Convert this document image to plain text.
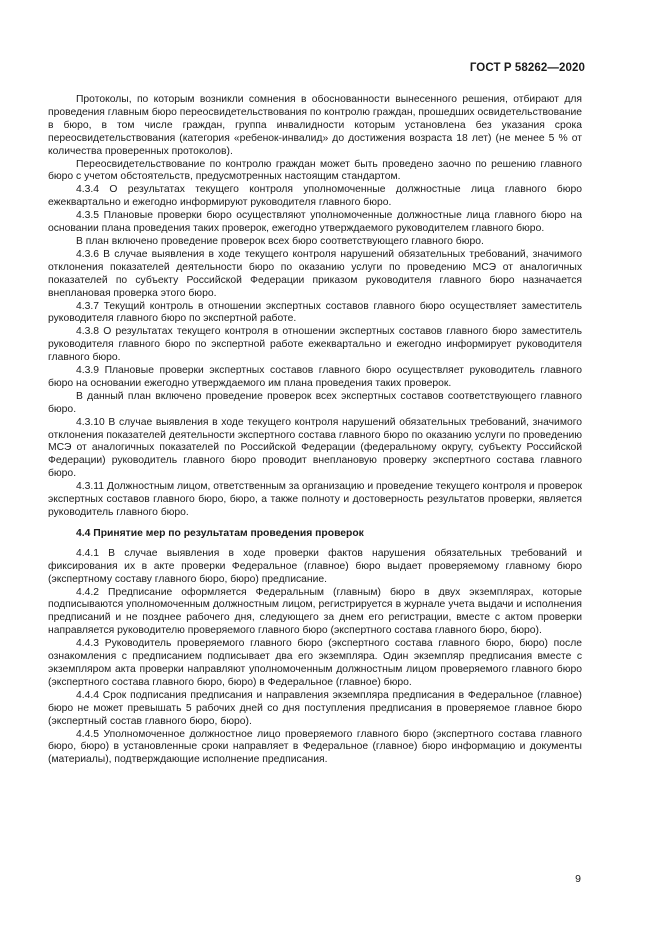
ГОСТ Р 58262—2020

Протоколы, по которым возникли сомнения в обоснованности вынесенного решения, отбирают для проведения главным бюро переосвидетельствования по контролю граждан, прошедших освидетельствование в бюро, в том числе граждан, группа инвалидности которым установлена без указания срока переосвидетельствования (категория «ребенок-инвалид» до достижения возраста 18 лет) (не менее 5 % от количества проверенных протоколов).

Переосвидетельствование по контролю граждан может быть проведено заочно по решению главного бюро с учетом обстоятельств, предусмотренных настоящим стандартом.

4.3.4 О результатах текущего контроля уполномоченные должностные лица главного бюро ежеквартально и ежегодно информируют руководителя главного бюро.

4.3.5 Плановые проверки бюро осуществляют уполномоченные должностные лица главного бюро на основании плана проведения таких проверок, ежегодно утверждаемого руководителем главного бюро.

В план включено проведение проверок всех бюро соответствующего главного бюро.

4.3.6 В случае выявления в ходе текущего контроля нарушений обязательных требований, значимого отклонения показателей деятельности бюро по оказанию услуги по проведению МСЭ от аналогичных показателей по субъекту Российской Федерации приказом руководителя главного бюро назначается внеплановая проверка этого бюро.

4.3.7 Текущий контроль в отношении экспертных составов главного бюро осуществляет заместитель руководителя главного бюро по экспертной работе.

4.3.8 О результатах текущего контроля в отношении экспертных составов главного бюро заместитель руководителя главного бюро по экспертной работе ежеквартально и ежегодно информирует руководителя главного бюро.

4.3.9 Плановые проверки экспертных составов главного бюро осуществляет руководитель главного бюро на основании ежегодно утверждаемого им плана проведения таких проверок.

В данный план включено проведение проверок всех экспертных составов соответствующего главного бюро.

4.3.10 В случае выявления в ходе текущего контроля нарушений обязательных требований, значимого отклонения показателей деятельности экспертного состава главного бюро по оказанию услуги по проведению МСЭ от аналогичных показателей по Российской Федерации (федеральному округу, субъекту Российской Федерации) руководитель главного бюро проводит внеплановую проверку экспертного состава главного бюро.

4.3.11 Должностным лицом, ответственным за организацию и проведение текущего контроля и проверок экспертных составов главного бюро, бюро, а также полноту и достоверность результатов проверки, является руководитель главного бюро.

4.4 Принятие мер по результатам проведения проверок

4.4.1 В случае выявления в ходе проверки фактов нарушения обязательных требований и фиксирования их в акте проверки Федеральное (главное) бюро выдает проверяемому главному бюро (экспертному составу главного бюро, бюро) предписание.

4.4.2 Предписание оформляется Федеральным (главным) бюро в двух экземплярах, которые подписываются уполномоченным должностным лицом, регистрируется в журнале учета выдачи и исполнения предписаний и не позднее рабочего дня, следующего за днем его регистрации, вместе с актом проверки направляется руководителю проверяемого главного бюро (экспертного состава главного бюро, бюро).

4.4.3 Руководитель проверяемого главного бюро (экспертного состава главного бюро, бюро) после ознакомления с предписанием подписывает два его экземпляра. Один экземпляр предписания вместе с экземпляром акта проверки направляют уполномоченным должностным лицом проверяемого главного бюро (экспертного состава главного бюро, бюро) в Федеральное (главное) бюро.

4.4.4 Срок подписания предписания и направления экземпляра предписания в Федеральное (главное) бюро не может превышать 5 рабочих дней со дня поступления предписания в проверяемое главное бюро (экспертный состав главного бюро, бюро).

4.4.5 Уполномоченное должностное лицо проверяемого главного бюро (экспертного состава главного бюро, бюро) в установленные сроки направляет в Федеральное (главное) бюро информацию и документы (материалы), подтверждающие исполнение предписания.

9
